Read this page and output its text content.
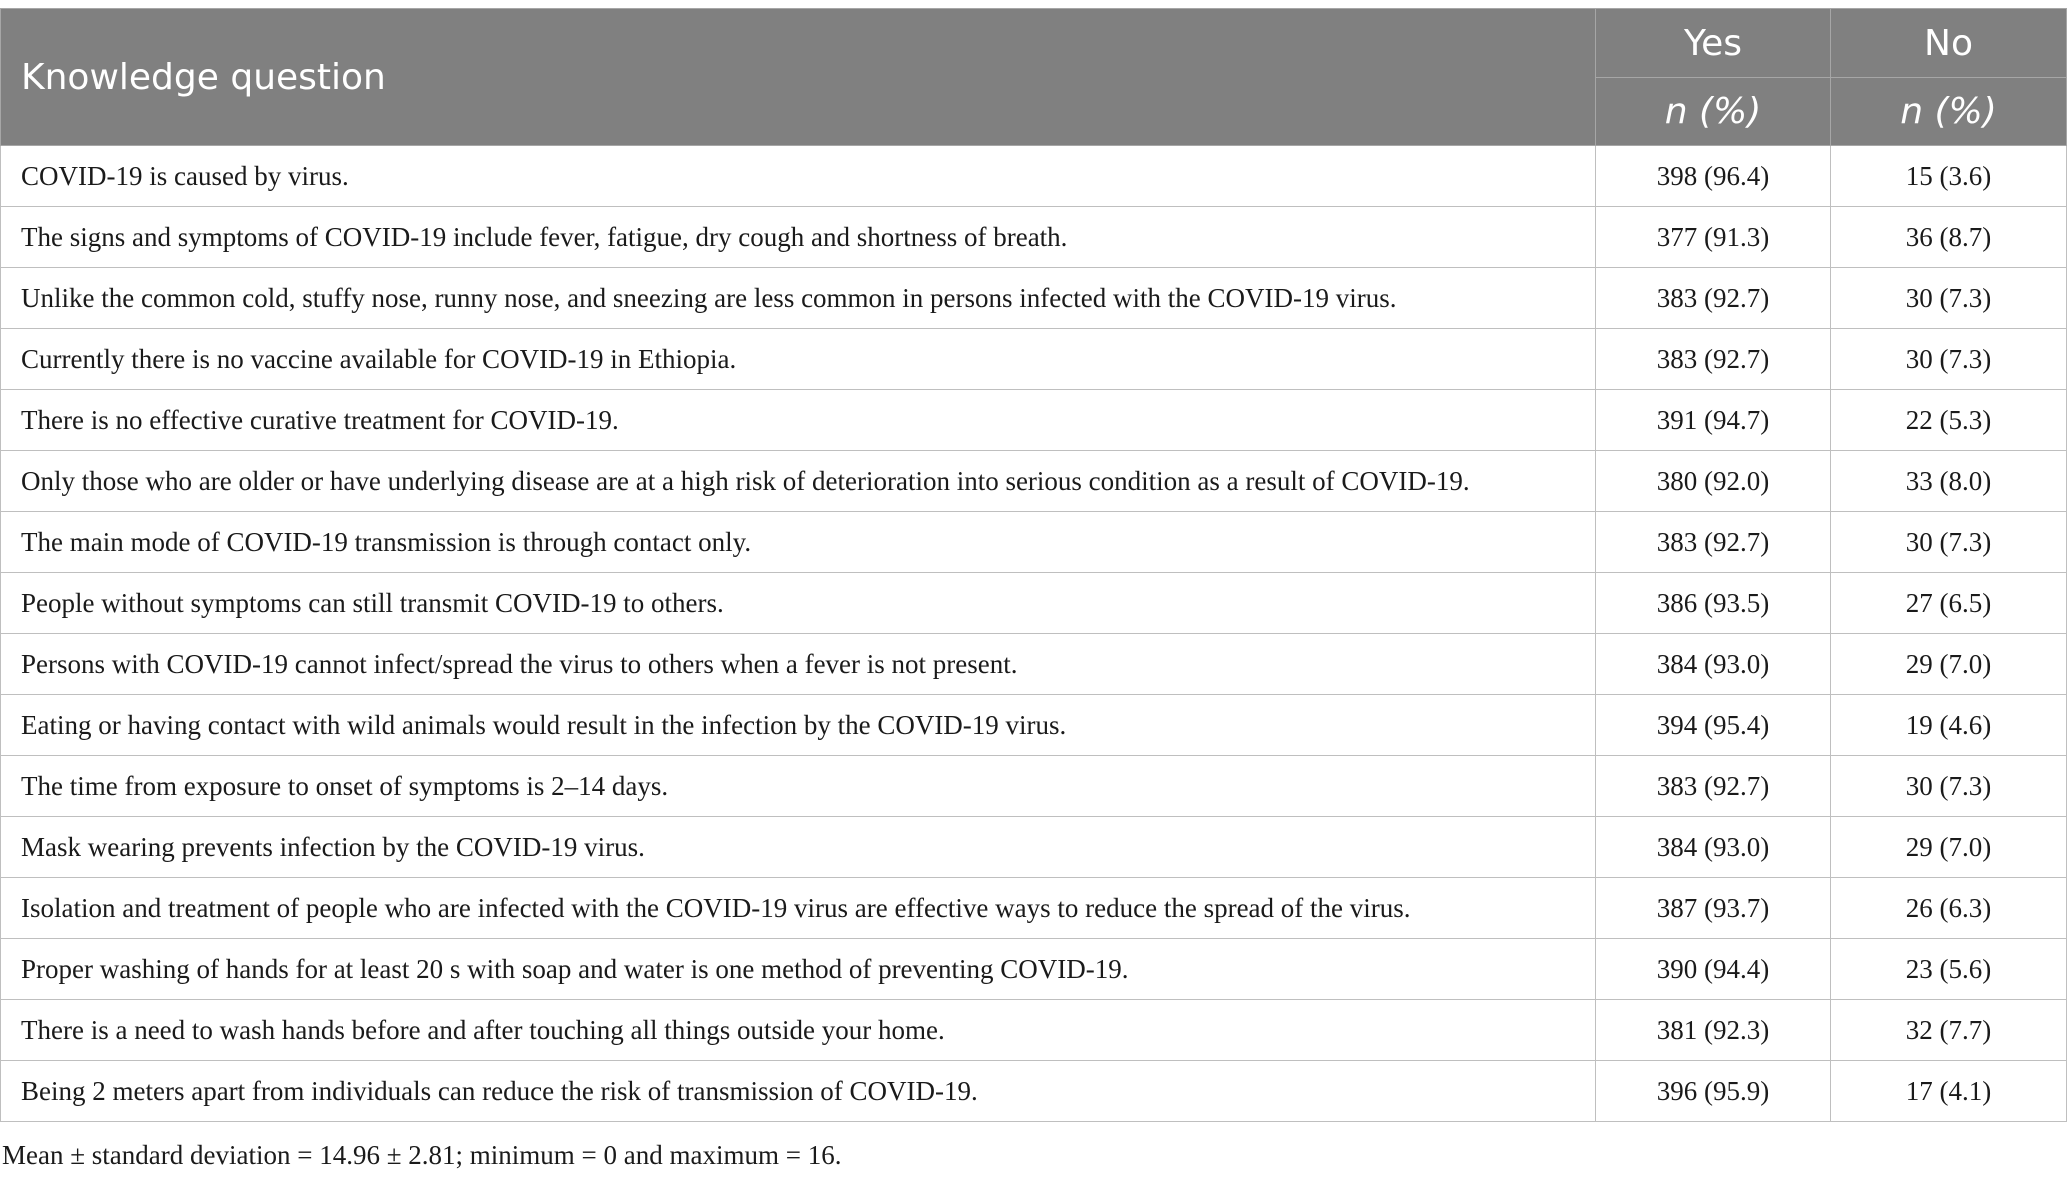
Knowledge question	Yes	No
	n (%)	n (%)
COVID-19 is caused by virus.	398 (96.4)	15 (3.6)
The signs and symptoms of COVID-19 include fever, fatigue, dry cough and shortness of breath.	377 (91.3)	36 (8.7)
Unlike the common cold, stuffy nose, runny nose, and sneezing are less common in persons infected with the COVID-19 virus.	383 (92.7)	30 (7.3)
Currently there is no vaccine available for COVID-19 in Ethiopia.	383 (92.7)	30 (7.3)
There is no effective curative treatment for COVID-19.	391 (94.7)	22 (5.3)
Only those who are older or have underlying disease are at a high risk of deterioration into serious condition as a result of COVID-19.	380 (92.0)	33 (8.0)
The main mode of COVID-19 transmission is through contact only.	383 (92.7)	30 (7.3)
People without symptoms can still transmit COVID-19 to others.	386 (93.5)	27 (6.5)
Persons with COVID-19 cannot infect/spread the virus to others when a fever is not present.	384 (93.0)	29 (7.0)
Eating or having contact with wild animals would result in the infection by the COVID-19 virus.	394 (95.4)	19 (4.6)
The time from exposure to onset of symptoms is 2–14 days.	383 (92.7)	30 (7.3)
Mask wearing prevents infection by the COVID-19 virus.	384 (93.0)	29 (7.0)
Isolation and treatment of people who are infected with the COVID-19 virus are effective ways to reduce the spread of the virus.	387 (93.7)	26 (6.3)
Proper washing of hands for at least 20 s with soap and water is one method of preventing COVID-19.	390 (94.4)	23 (5.6)
There is a need to wash hands before and after touching all things outside your home.	381 (92.3)	32 (7.7)
Being 2 meters apart from individuals can reduce the risk of transmission of COVID-19.	396 (95.9)	17 (4.1)
Mean ± standard deviation = 14.96 ± 2.81; minimum = 0 and maximum = 16.
